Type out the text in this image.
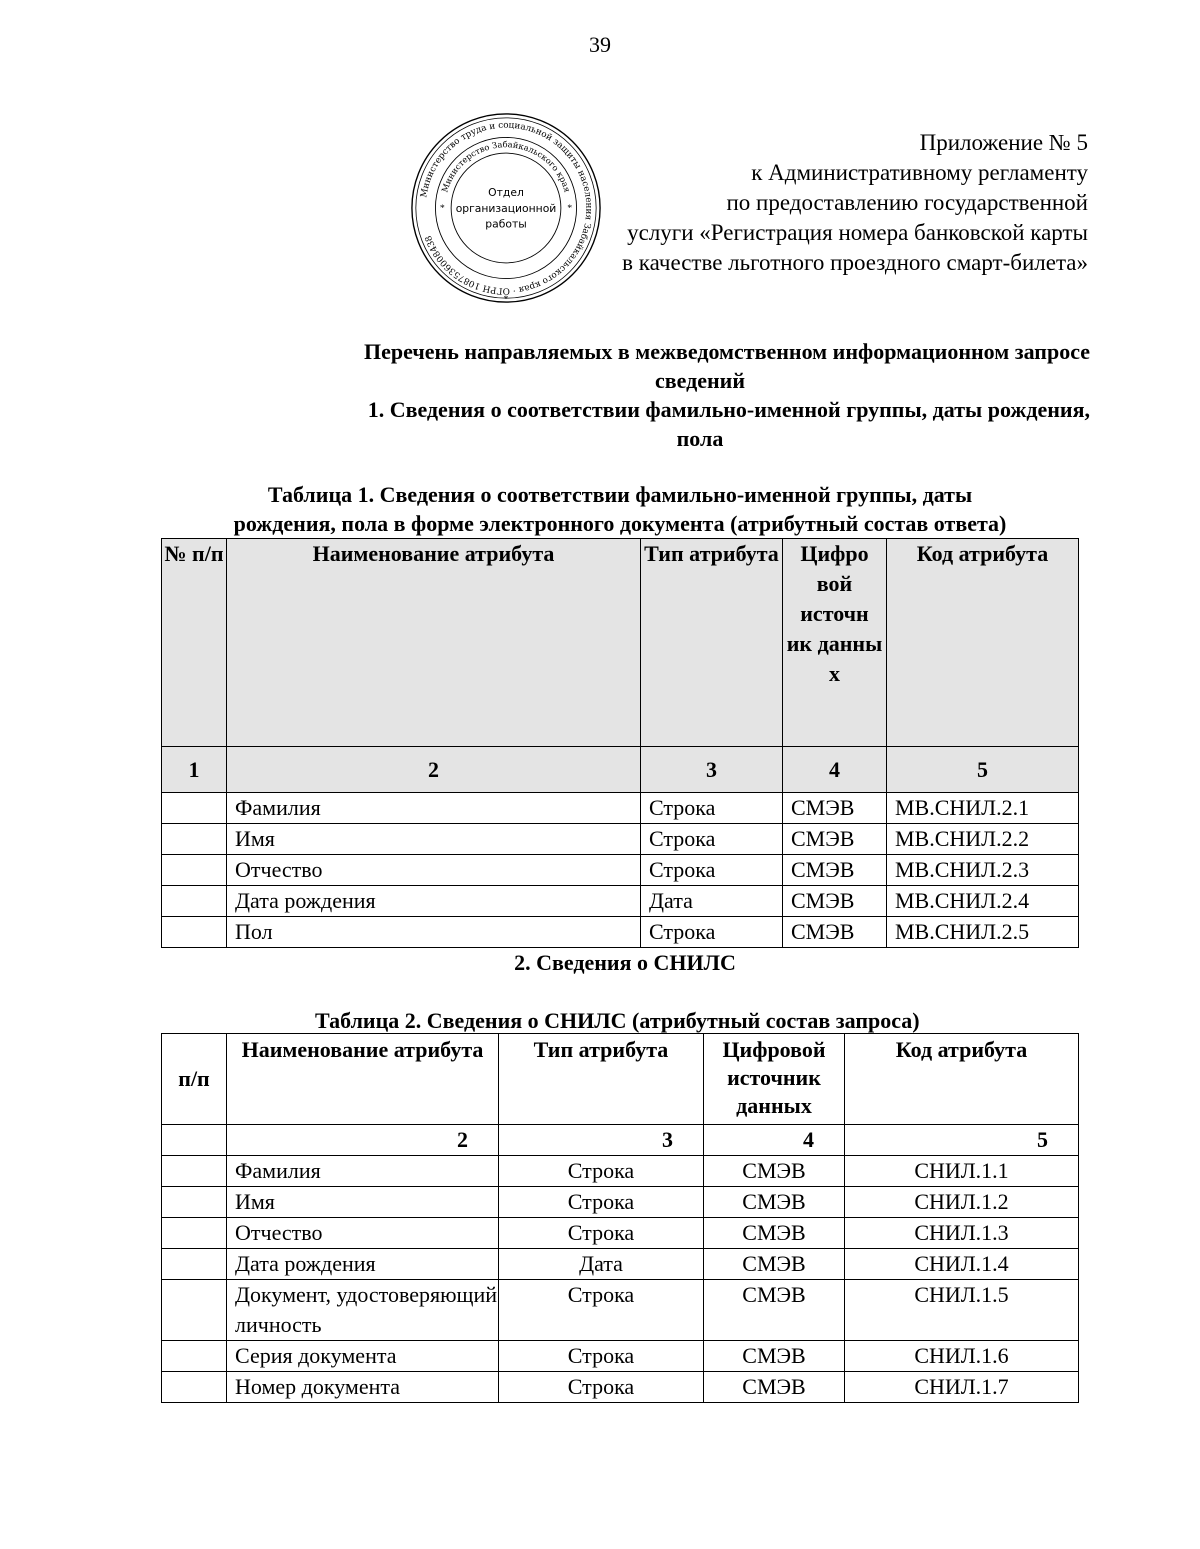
39
Министерство труда и социальной защиты населения Забайкальского края · ОГРН 1087536008438
Министерство Забайкальского края
*	*
*
Отдел
организационной
работы
Приложение № 5
к Административному регламенту
по предоставлению государственной
услуги «Регистрация номера банковской карты
в качестве льготного проездного смарт-билета»
Перечень направляемых в межведомственном информационном запросе
сведений
1. Сведения о соответствии фамильно-именной группы, даты рождения,
пола
Таблица 1. Сведения о соответствии фамильно-именной группы, даты
рождения, пола в форме электронного документа (атрибутный состав ответа)
№ п/п	Наименование атрибута	Тип атрибута	Цифро вой источн ик данны х	Код атрибута
1	2	3	4	5
	Фамилия	Строка	СМЭВ	МВ.СНИЛ.2.1
	Имя	Строка	СМЭВ	МВ.СНИЛ.2.2
	Отчество	Строка	СМЭВ	МВ.СНИЛ.2.3
	Дата рождения	Дата	СМЭВ	МВ.СНИЛ.2.4
	Пол	Строка	СМЭВ	МВ.СНИЛ.2.5
2. Сведения о СНИЛС
Таблица 2. Сведения о СНИЛС (атрибутный состав запроса)
п/п	Наименование атрибута	Тип атрибута	Цифровой источник данных	Код атрибута
	2	3	4	5
	Фамилия	Строка	СМЭВ	СНИЛ.1.1
	Имя	Строка	СМЭВ	СНИЛ.1.2
	Отчество	Строка	СМЭВ	СНИЛ.1.3
	Дата рождения	Дата	СМЭВ	СНИЛ.1.4
	Документ, удостоверяющий личность	Строка	СМЭВ	СНИЛ.1.5
	Серия документа	Строка	СМЭВ	СНИЛ.1.6
	Номер документа	Строка	СМЭВ	СНИЛ.1.7
